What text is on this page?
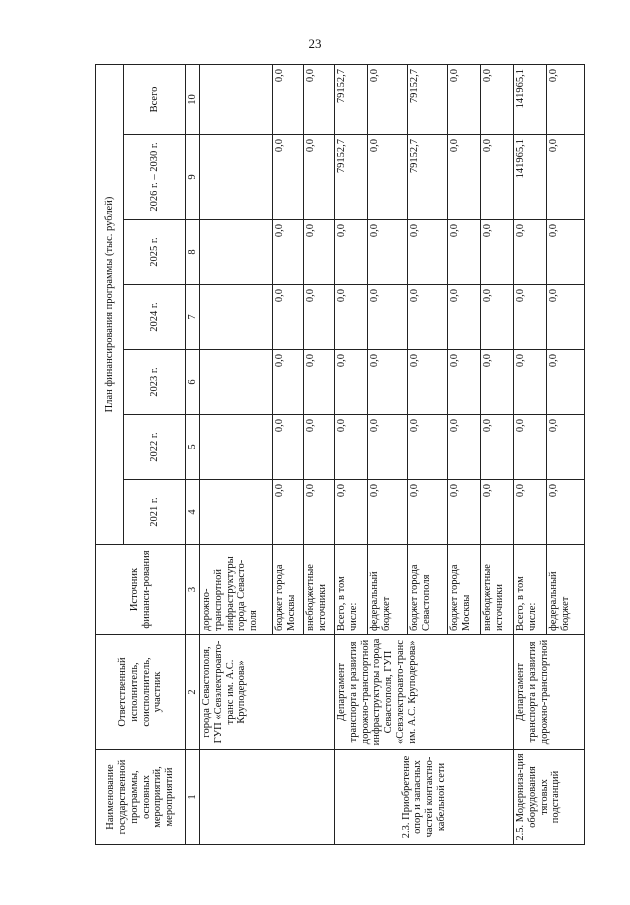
23
Наименование государственной программы, основных мероприятий, мероприятий	Ответственный исполнитель, соисполнитель, участник	Источник финанси-рования	План финансирования программы (тыс. рублей)						
			2021 г.	2022 г.	2023 г.	2024 г.	2025 г.	2026 г. – 2030 г.	Всего
1	2	3	4	5	6	7	8	9	10
	города Севастополя, ГУП «Севэлектроавто-транс им. А.С. Круподерова»	дорожно-транспортной инфраструктуры города Севасто-поля							
		бюджет города Москвы	0,0	0,0	0,0	0,0	0,0	0,0	0,0
		внебюджетные источники	0,0	0,0	0,0	0,0	0,0	0,0	0,0
2.3. Приобретение опор и запасных частей контактно-кабельной сети	Департамент транспорта и развития дорожно-транспортной инфраструктуры города Севастополя, ГУП «Севэлектроавто-транс им. А.С. Круподерова»	Всего, в том числе:	0,0	0,0	0,0	0,0	0,0	79152,7	79152,7
		федеральный бюджет	0,0	0,0	0,0	0,0	0,0	0,0	0,0
		бюджет города Севастополя	0,0	0,0	0,0	0,0	0,0	79152,7	79152,7
		бюджет города Москвы	0,0	0,0	0,0	0,0	0,0	0,0	0,0
		внебюджетные источники	0,0	0,0	0,0	0,0	0,0	0,0	0,0
2.5. Модерниза-ция оборудования тяговых подстанций	Департамент транспорта и развития дорожно-транспортной	Всего, в том числе:	0,0	0,0	0,0	0,0	0,0	141965,1	141965,1
		федеральный бюджет	0,0	0,0	0,0	0,0	0,0	0,0	0,0
